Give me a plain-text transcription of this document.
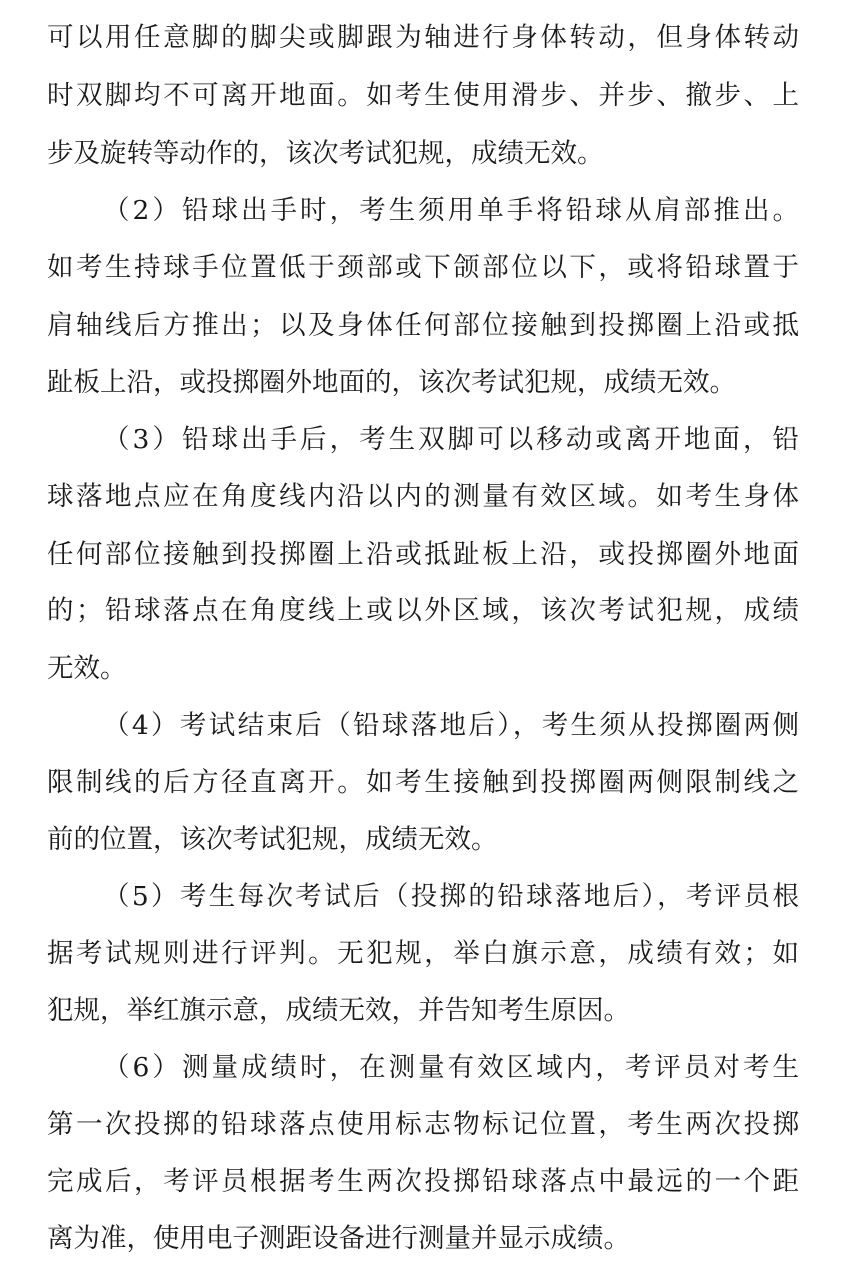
可以用任意脚的脚尖或脚跟为轴进行身体转动，但身体转动
时双脚均不可离开地面。如考生使用滑步、并步、撤步、上
步及旋转等动作的，该次考试犯规，成绩无效。
（2）铅球出手时，考生须用单手将铅球从肩部推出。
如考生持球手位置低于颈部或下颌部位以下，或将铅球置于
肩轴线后方推出；以及身体任何部位接触到投掷圈上沿或抵
趾板上沿，或投掷圈外地面的，该次考试犯规，成绩无效。
（3）铅球出手后，考生双脚可以移动或离开地面，铅
球落地点应在角度线内沿以内的测量有效区域。如考生身体
任何部位接触到投掷圈上沿或抵趾板上沿，或投掷圈外地面
的；铅球落点在角度线上或以外区域，该次考试犯规，成绩
无效。
（4）考试结束后（铅球落地后），考生须从投掷圈两侧
限制线的后方径直离开。如考生接触到投掷圈两侧限制线之
前的位置，该次考试犯规，成绩无效。
（5）考生每次考试后（投掷的铅球落地后），考评员根
据考试规则进行评判。无犯规，举白旗示意，成绩有效；如
犯规，举红旗示意，成绩无效，并告知考生原因。
（6）测量成绩时，在测量有效区域内，考评员对考生
第一次投掷的铅球落点使用标志物标记位置，考生两次投掷
完成后，考评员根据考生两次投掷铅球落点中最远的一个距
离为准，使用电子测距设备进行测量并显示成绩。
